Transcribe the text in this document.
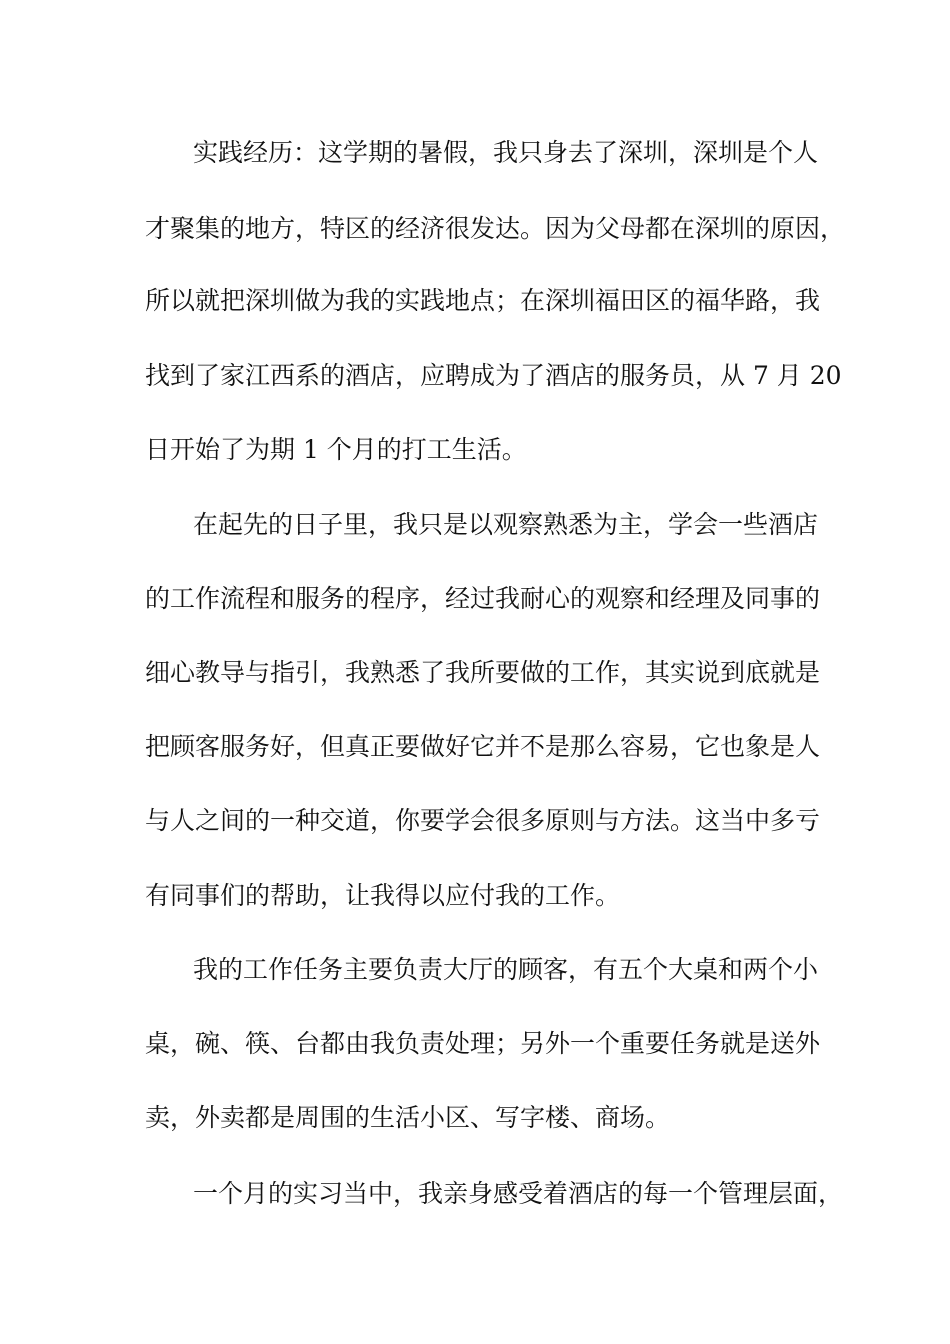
实践经历：这学期的暑假，我只身去了深圳，深圳是个人
才聚集的地方，特区的经济很发达。因为父母都在深圳的原因，
所以就把深圳做为我的实践地点；在深圳福田区的福华路，我
找到了家江西系的酒店，应聘成为了酒店的服务员，从 7 月 20
日开始了为期 1 个月的打工生活。
在起先的日子里，我只是以观察熟悉为主，学会一些酒店
的工作流程和服务的程序，经过我耐心的观察和经理及同事的
细心教导与指引，我熟悉了我所要做的工作，其实说到底就是
把顾客服务好，但真正要做好它并不是那么容易，它也象是人
与人之间的一种交道，你要学会很多原则与方法。这当中多亏
有同事们的帮助，让我得以应付我的工作。
我的工作任务主要负责大厅的顾客，有五个大桌和两个小
桌，碗、筷、台都由我负责处理；另外一个重要任务就是送外
卖，外卖都是周围的生活小区、写字楼、商场。
一个月的实习当中，我亲身感受着酒店的每一个管理层面，
